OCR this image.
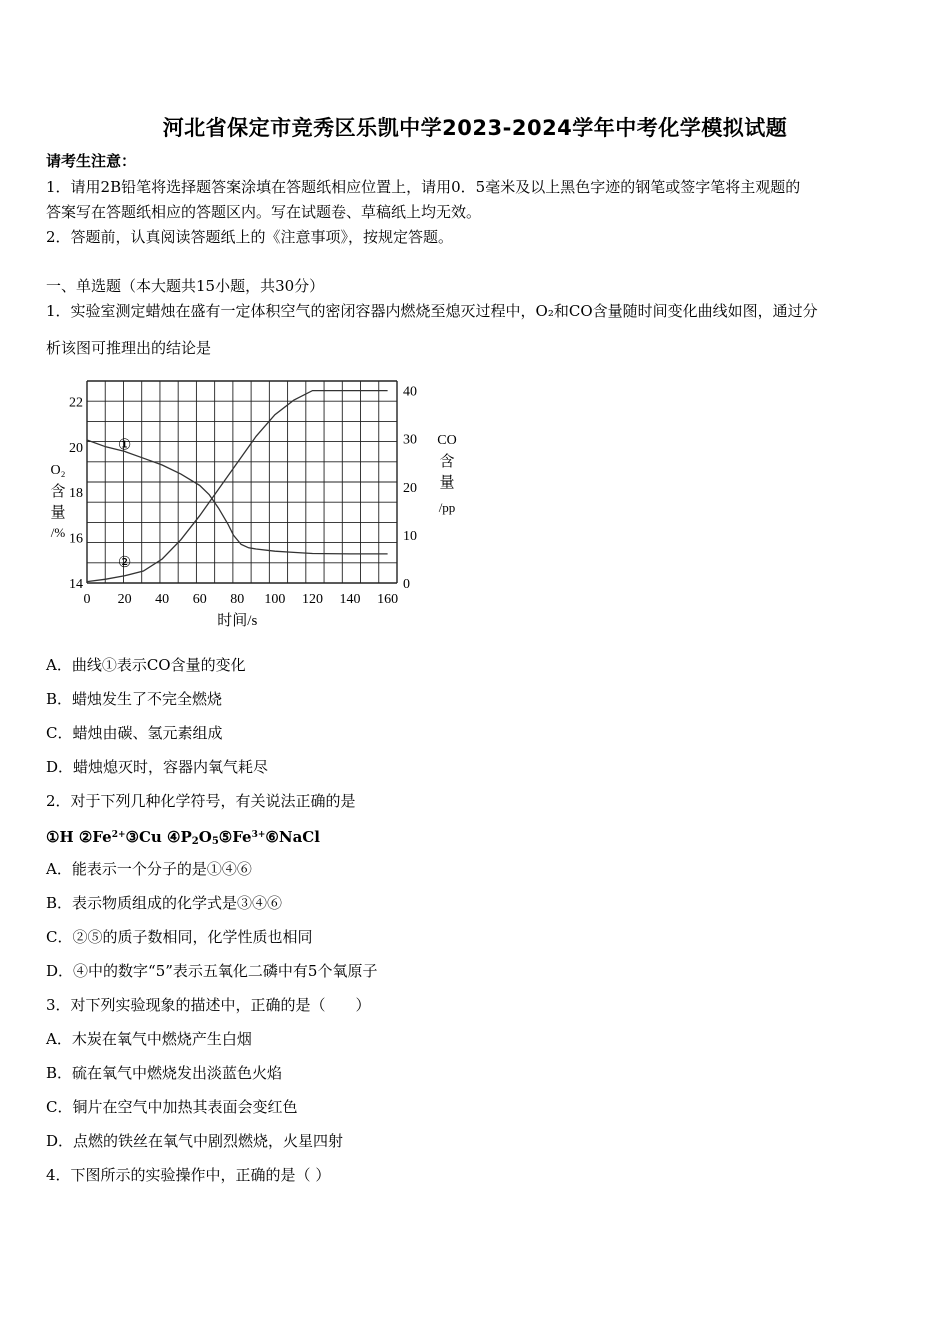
河北省保定市竞秀区乐凯中学2023-2024学年中考化学模拟试题
请考生注意：
1．请用2B铅笔将选择题答案涂填在答题纸相应位置上，请用0．5毫米及以上黑色字迹的钢笔或签字笔将主观题的
答案写在答题纸相应的答题区内。写在试题卷、草稿纸上均无效。
2．答题前，认真阅读答题纸上的《注意事项》，按规定答题。
一、单选题（本大题共15小题，共30分）
1．实验室测定蜡烛在盛有一定体积空气的密闭容器内燃烧至熄灭过程中，O₂和CO含量随时间变化曲线如图，通过分
析该图可推理出的结论是
0 20 40 60 80 100 120 140 160
时间/s
14
16
18
20
22
0
10
20
30
40
O₂
含
量
/%
CO
含
量
/pp
①
②
A．曲线①表示CO含量的变化
B．蜡烛发生了不完全燃烧
C．蜡烛由碳、氢元素组成
D．蜡烛熄灭时，容器内氧气耗尽
2．对于下列几种化学符号，有关说法正确的是
①H $②Fe^{2+}③Cu$ $④P_2O_5⑤Fe^{3+}⑥NaCl$
A．能表示一个分子的是①④⑥
B．表示物质组成的化学式是③④⑥
C．②⑤的质子数相同，化学性质也相同
D．④中的数字“5”表示五氧化二磷中有5个氧原子
3．对下列实验现象的描述中，正确的是（　　）
A．木炭在氧气中燃烧产生白烟
B．硫在氧气中燃烧发出淡蓝色火焰
C．铜片在空气中加热其表面会变红色
D．点燃的铁丝在氧气中剧烈燃烧，火星四射
4．下图所示的实验操作中，正确的是（ ）
